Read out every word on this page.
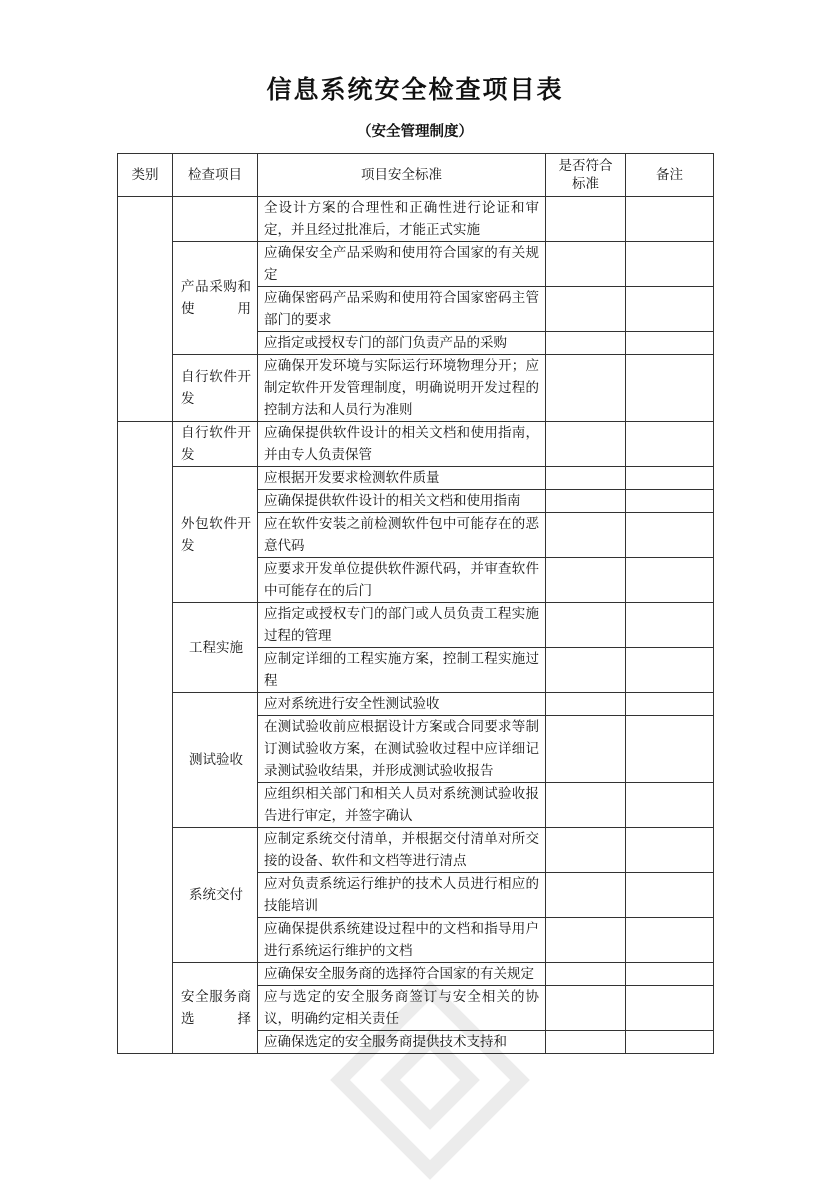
信息系统安全检查项目表
（安全管理制度）
类别	检查项目	项目安全标准	是否符合标准	备注
		全设计方案的合理性和正确性进行论证和审定，并且经过批准后，才能正式实施		
	产品采购和使用	应确保安全产品采购和使用符合国家的有关规定		
		应确保密码产品采购和使用符合国家密码主管部门的要求		
		应指定或授权专门的部门负责产品的采购		
	自行软件开发	应确保开发环境与实际运行环境物理分开；应制定软件开发管理制度，明确说明开发过程的控制方法和人员行为准则		
	自行软件开发	应确保提供软件设计的相关文档和使用指南，并由专人负责保管		
	外包软件开发	应根据开发要求检测软件质量		
		应确保提供软件设计的相关文档和使用指南		
		应在软件安装之前检测软件包中可能存在的恶意代码		
		应要求开发单位提供软件源代码，并审查软件中可能存在的后门		
	工程实施	应指定或授权专门的部门或人员负责工程实施过程的管理		
		应制定详细的工程实施方案，控制工程实施过程		
	测试验收	应对系统进行安全性测试验收		
		在测试验收前应根据设计方案或合同要求等制订测试验收方案，在测试验收过程中应详细记录测试验收结果，并形成测试验收报告		
		应组织相关部门和相关人员对系统测试验收报告进行审定，并签字确认		
	系统交付	应制定系统交付清单，并根据交付清单对所交接的设备、软件和文档等进行清点		
		应对负责系统运行维护的技术人员进行相应的技能培训		
		应确保提供系统建设过程中的文档和指导用户进行系统运行维护的文档		
	安全服务商选择	应确保安全服务商的选择符合国家的有关规定		
		应与选定的安全服务商签订与安全相关的协议，明确约定相关责任		
		应确保选定的安全服务商提供技术支持和		
